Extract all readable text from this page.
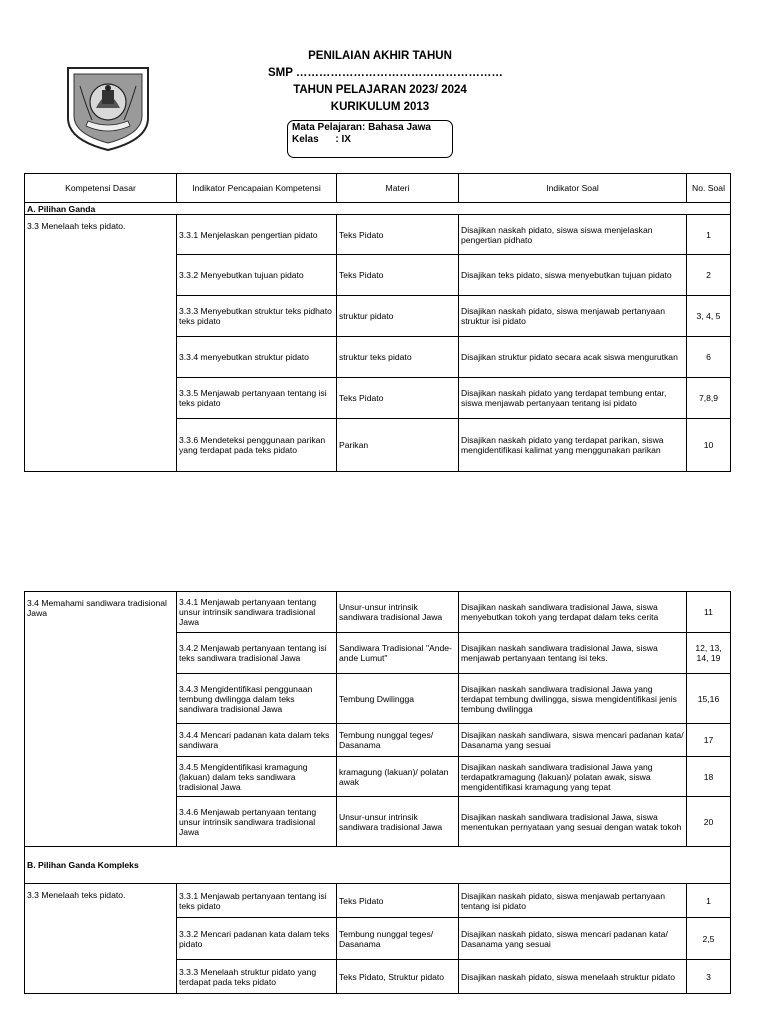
PENILAIAN AKHIR TAHUN
SMP ………………………………………………
TAHUN PELAJARAN 2023/ 2024
KURIKULUM 2013
Mata Pelajaran: Bahasa Jawa
Kelas      : IX
Kompetensi Dasar	Indikator Pencapaian Kompetensi	Materi	Indikator Soal	No. Soal
A. Pilihan Ganda				
3.3 Menelaah teks pidato.	3.3.1 Menjelaskan pengertian pidato	Teks Pidato	Disajikan naskah pidato, siswa siswa menjelaskan pengertian pidhato	1
	3.3.2 Menyebutkan tujuan pidato	Teks Pidato	Disajikan teks pidato, siswa menyebutkan tujuan pidato	2
	3.3.3 Menyebutkan struktur teks pidhato teks pidato	struktur pidato	Disajikan naskah pidato, siswa menjawab pertanyaan struktur isi pidato	3, 4, 5
	3.3.4 menyebutkan struktur pidato	struktur teks pidato	Disajikan struktur pidato secara acak siswa mengurutkan	6
	3.3.5 Menjawab pertanyaan tentang isi teks pidato	Teks Pidato	Disajikan naskah pidato yang terdapat tembung entar, siswa menjawab pertanyaan tentang isi pidato	7,8,9
	3.3.6 Mendeteksi penggunaan parikan yang terdapat pada teks pidato	Parikan	Disajikan naskah pidato yang terdapat parikan, siswa mengidentifikasi kalimat yang menggunakan parikan	10
3.4 Memahami sandiwara tradisional Jawa	3.4.1 Menjawab pertanyaan tentang unsur intrinsik sandiwara tradisional Jawa	Unsur-unsur intrinsik sandiwara tradisional Jawa	Disajikan naskah sandiwara tradisional Jawa, siswa menyebutkan tokoh yang terdapat dalam teks cerita	11
	3.4.2 Menjawab pertanyaan tentang isi teks sandiwara tradisional Jawa	Sandiwara Tradisional "Ande-ande Lumut"	Disajikan naskah sandiwara tradisional Jawa, siswa menjawab pertanyaan tentang isi teks.	12, 13, 14, 19
	3.4.3 Mengidentifikasi penggunaan tembung dwilingga dalam teks sandiwara tradisional Jawa	Tembung Dwilingga	Disajikan naskah sandiwara tradisional Jawa yang terdapat tembung dwilingga, siswa mengidentifikasi jenis tembung dwilingga	15,16
	3.4.4 Mencari padanan kata dalam teks sandiwara	Tembung nunggal teges/ Dasanama	Disajikan naskah sandiwara, siswa mencari padanan kata/ Dasanama yang sesuai	17
	3.4.5 Mengidentifikasi kramagung (lakuan) dalam teks sandiwara tradisional Jawa	kramagung (lakuan)/ polatan awak	Disajikan naskah sandiwara tradisional Jawa yang terdapatkramagung (lakuan)/ polatan awak, siswa mengidentifikasi kramagung yang tepat	18
	3.4.6 Menjawab pertanyaan tentang unsur intrinsik sandiwara tradisional Jawa	Unsur-unsur intrinsik sandiwara tradisional Jawa	Disajikan naskah sandiwara tradisional Jawa, siswa menentukan pernyataan yang sesuai dengan watak tokoh	20
B. Pilihan Ganda Kompleks				
3.3 Menelaah teks pidato.	3.3.1 Menjawab pertanyaan tentang isi teks pidato	Teks Pidato	Disajikan naskah pidato, siswa menjawab pertanyaan tentang isi pidato	1
	3.3.2 Mencari padanan kata dalam teks pidato	Tembung nunggal teges/ Dasanama	Disajikan naskah pidato, siswa mencari padanan kata/ Dasanama yang sesuai	2,5
	3.3.3 Menelaah struktur pidato yang terdapat pada teks pidato	Teks Pidato, Struktur pidato	Disajikan naskah pidato, siswa menelaah struktur pidato	3
